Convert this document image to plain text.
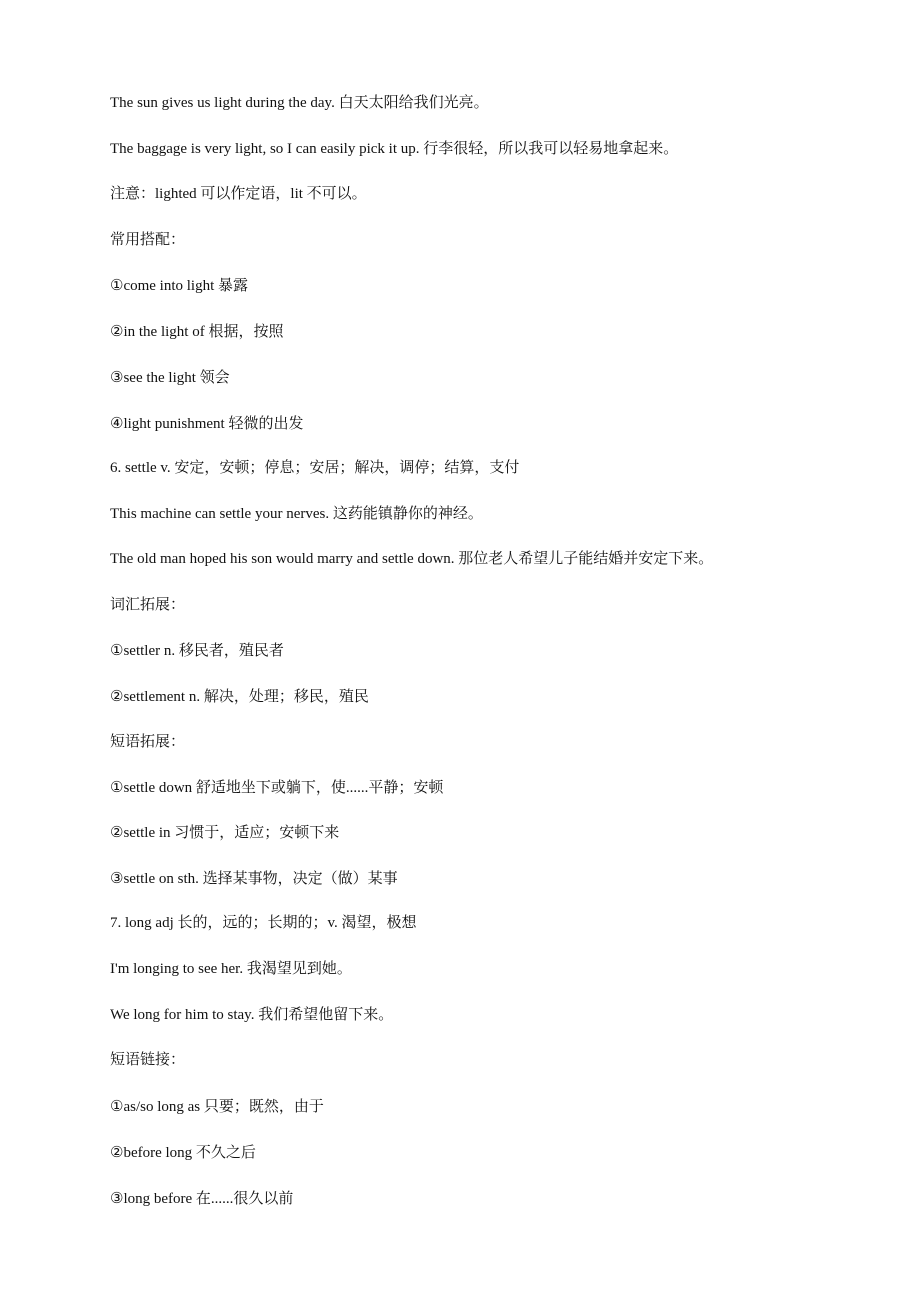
The sun gives us light during the day. 白天太阳给我们光亮。
The baggage is very light, so I can easily pick it up. 行李很轻，所以我可以轻易地拿起来。
注意：lighted 可以作定语，lit 不可以。
常用搭配：
①come into light 暴露
②in the light of 根据，按照
③see the light 领会
④light punishment 轻微的出发
6. settle v. 安定，安顿；停息；安居；解决，调停；结算，支付
This machine can settle your nerves. 这药能镇静你的神经。
The old man hoped his son would marry and settle down. 那位老人希望儿子能结婚并安定下来。
词汇拓展：
①settler n. 移民者，殖民者
②settlement n. 解决，处理；移民，殖民
短语拓展：
①settle down 舒适地坐下或躺下，使......平静；安顿
②settle in 习惯于，适应；安顿下来
③settle on sth. 选择某事物，决定（做）某事
7. long adj 长的，远的；长期的；v. 渴望，极想
I'm longing to see her. 我渴望见到她。
We long for him to stay. 我们希望他留下来。
短语链接：
①as/so long as 只要；既然，由于
②before long 不久之后
③long before 在......很久以前
